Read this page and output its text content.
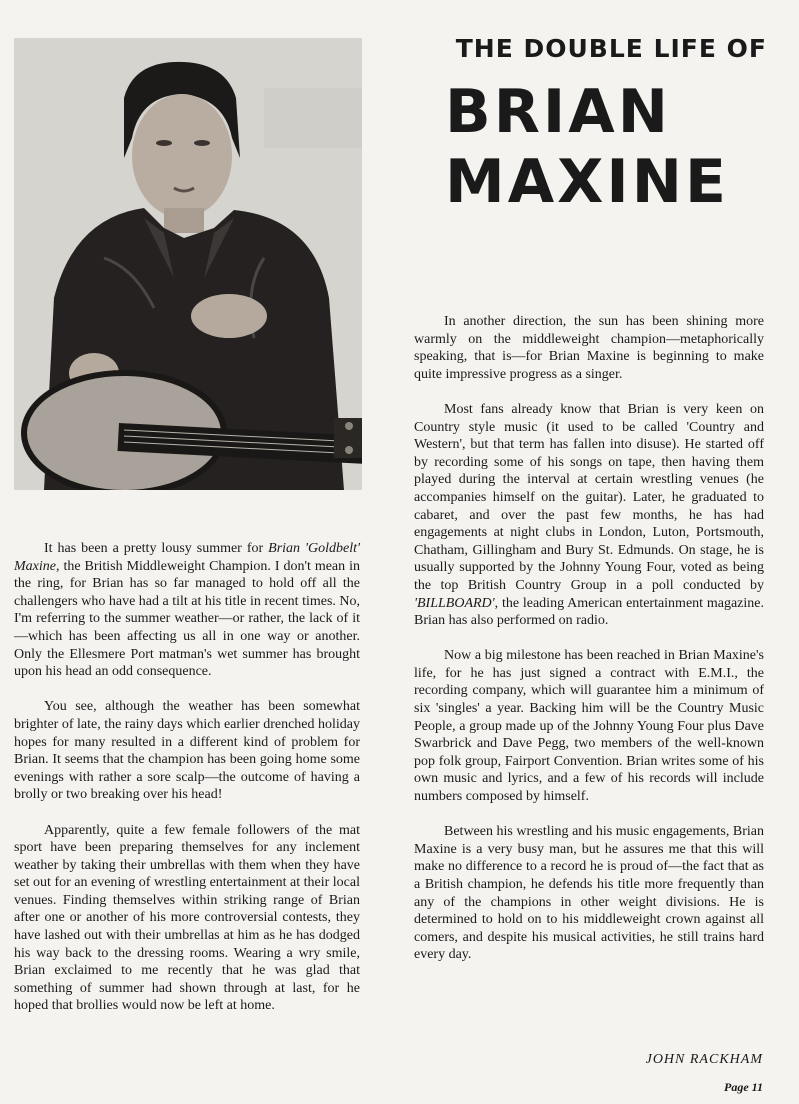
THE DOUBLE LIFE OF
BRIAN
MAXINE

It has been a pretty lousy summer for Brian 'Goldbelt' Maxine, the British Middleweight Champion. I don't mean in the ring, for Brian has so far managed to hold off all the challengers who have had a tilt at his title in recent times. No, I'm referring to the summer weather—or rather, the lack of it—which has been affecting us all in one way or another. Only the Ellesmere Port matman's wet summer has brought upon his head an odd consequence.

You see, although the weather has been somewhat brighter of late, the rainy days which earlier drenched holiday hopes for many resulted in a different kind of problem for Brian. It seems that the champion has been going home some evenings with rather a sore scalp—the outcome of having a brolly or two breaking over his head!

Apparently, quite a few female followers of the mat sport have been preparing themselves for any inclement weather by taking their umbrellas with them when they have set out for an evening of wrestling entertainment at their local venues. Finding themselves within striking range of Brian after one or another of his more controversial contests, they have lashed out with their umbrellas at him as he has dodged his way back to the dressing rooms. Wearing a wry smile, Brian exclaimed to me recently that he was glad that something of summer had shown through at last, for he hoped that brollies would now be left at home.

In another direction, the sun has been shining more warmly on the middleweight champion—metaphorically speaking, that is—for Brian Maxine is beginning to make quite impressive progress as a singer.

Most fans already know that Brian is very keen on Country style music (it used to be called 'Country and Western', but that term has fallen into disuse). He started off by recording some of his songs on tape, then having them played during the interval at certain wrestling venues (he accompanies himself on the guitar). Later, he graduated to cabaret, and over the past few months, he has had engagements at night clubs in London, Luton, Portsmouth, Chatham, Gillingham and Bury St. Edmunds. On stage, he is usually supported by the Johnny Young Four, voted as being the top British Country Group in a poll conducted by 'BILLBOARD', the leading American entertainment magazine. Brian has also performed on radio.

Now a big milestone has been reached in Brian Maxine's life, for he has just signed a contract with E.M.I., the recording company, which will guarantee him a minimum of six 'singles' a year. Backing him will be the Country Music People, a group made up of the Johnny Young Four plus Dave Swarbrick and Dave Pegg, two members of the well-known pop folk group, Fairport Convention. Brian writes some of his own music and lyrics, and a few of his records will include numbers composed by himself.

Between his wrestling and his music engagements, Brian Maxine is a very busy man, but he assures me that this will make no difference to a record he is proud of—the fact that as a British champion, he defends his title more frequently than any of the champions in other weight divisions. He is determined to hold on to his middleweight crown against all comers, and despite his musical activities, he still trains hard every day.

JOHN RACKHAM
Page 11
